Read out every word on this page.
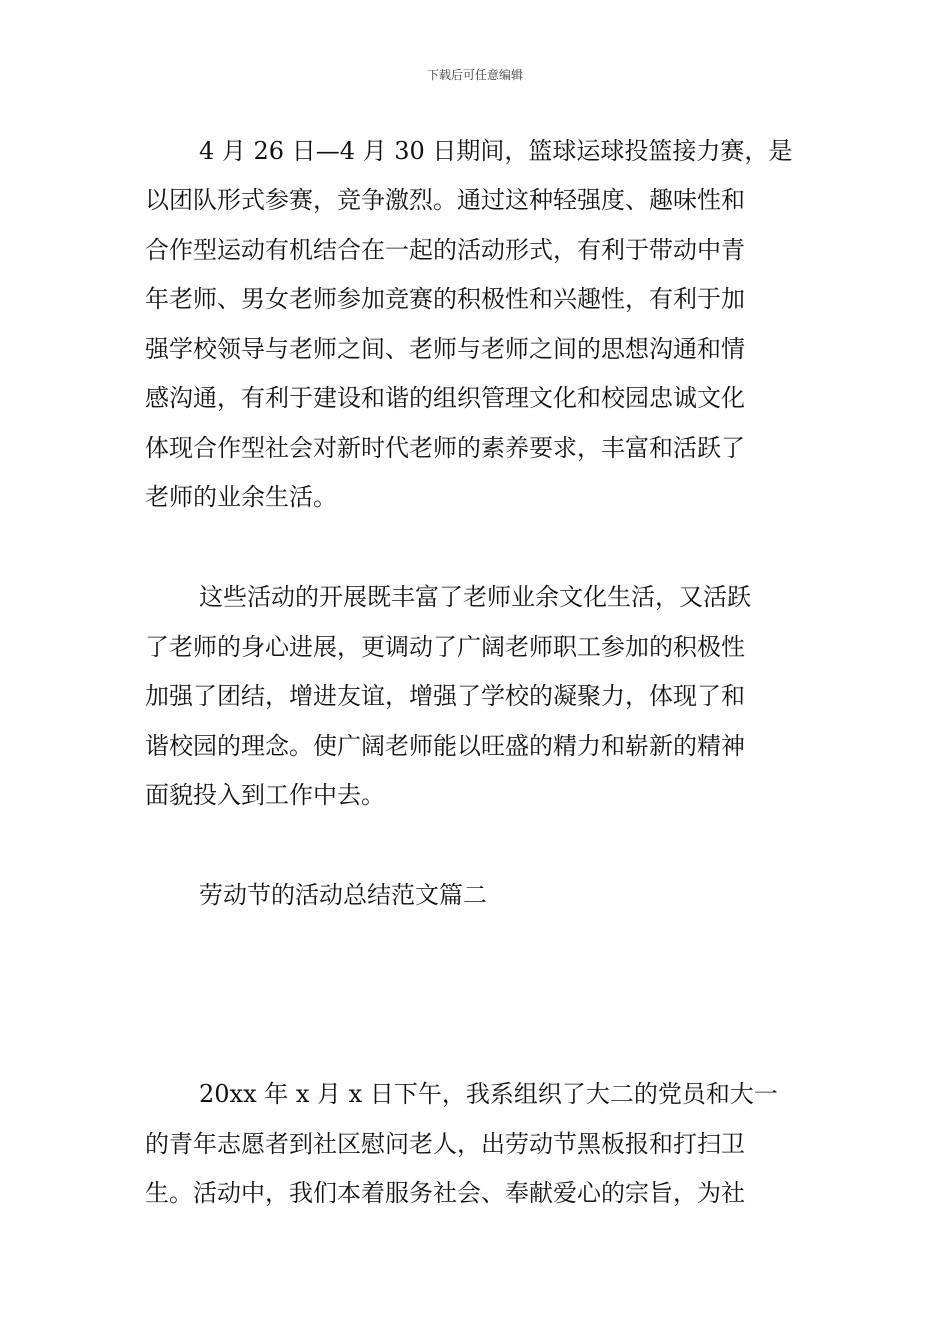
下载后可任意编辑

4 月 26 日—4 月 30 日期间，篮球运球投篮接力赛，是

以团队形式参赛，竞争激烈。通过这种轻强度、趣味性和

合作型运动有机结合在一起的活动形式，有利于带动中青

年老师、男女老师参加竞赛的积极性和兴趣性，有利于加

强学校领导与老师之间、老师与老师之间的思想沟通和情

感沟通，有利于建设和谐的组织管理文化和校园忠诚文化

体现合作型社会对新时代老师的素养要求，丰富和活跃了

老师的业余生活。

这些活动的开展既丰富了老师业余文化生活，又活跃

了老师的身心进展，更调动了广阔老师职工参加的积极性

加强了团结，增进友谊，增强了学校的凝聚力，体现了和

谐校园的理念。使广阔老师能以旺盛的精力和崭新的精神

面貌投入到工作中去。

劳动节的活动总结范文篇二

20xx 年 x 月 x 日下午，我系组织了大二的党员和大一

的青年志愿者到社区慰问老人，出劳动节黑板报和打扫卫

生。活动中，我们本着服务社会、奉献爱心的宗旨，为社
